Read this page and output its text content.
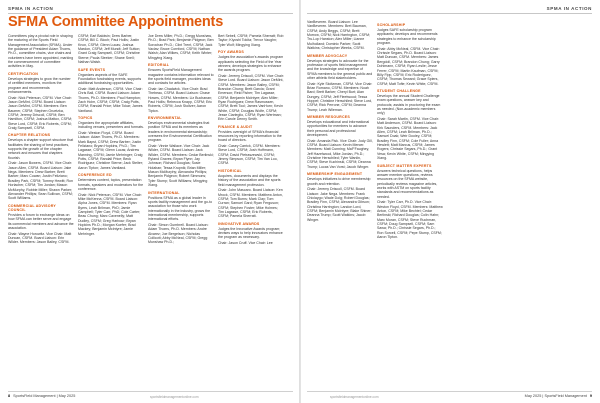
SPMA IN ACTION	SPMA IN ACTION
SFMA Committee Appointments

Committees play a pivotal role in shaping the maturing of the Sports Field Management Association (SFMA). Under the guidance of President Adam Thoms, Ph.D., committee chairs, vice chairs and volunteers have been appointed, marking the commencement of committee activities in May.

CERTIFICATION

Develops strategies to grow the number of certified members, monitors the program and recommends enhancements.

Chair: Nick Peterson, CSFM. Vice Chair: Jason DeMint, CSFM. Board Liaison: Jason DeMint, CSFM. Members: Ben Baumer, CSFM; Stephen Gruetzka, CSFM; Jeremy Driscoll, CSFM; Ben Hamilton, CSFM; Joshua Mattox, CSFM; Steve Lord, CSFM; Eric Roberts, CSFM; Craig Sampsell, CSFM.

CHAPTER RELATIONS

Develops a chapter support structure that facilitates the sharing of best practices, supports the growth of the chapter network and ensures that chapters flourish.

Chair: Jason Bowers, CSFM. Vice Chair: Jason Allen, CSFM. Board Liaison: Jake Nega. Members: Drew Barber; Brett Barker; Marc Cowan; Justin Feliziano; Bradley Park, CSFM; Tommy Hewitt; Ron Horlacher, CSFM; Tim Jordan; Mason McMurphy, Robbie Miller; Shawn Parker; Alexander Phillips; Sean Sullivan, CSFM; Scott Williams.

COMMERCIAL ADVISORY COUNCIL

Provides a forum to exchange ideas on how SFMA can better serve and engage its commercial members and advance the association.

Chair: Wayne Horowitz. Vice Chair: Matt Duncan, CSFM. Board Liaison: Erin Wilder. Members: Jason Bailey, CSFM.

CSFM; Earl Baldwin; Drew Barber, CSFM; Bill C. Bloch; Paul Hollis; Justin Knox, CSFM; Glenn Lucas; Joshua Mardon, CSFM; Jeff Mundt; Jeff Sutton; Grant Craig Sampsell, CSFM; Christine Sterne; Paula Sleeker; Shane Snell; Nathan Walsh.

SAFE EVENTS

Organizes aspects of the SAFE Foundation fundraising events, supports additional fundraising opportunities.

Chair: Matt Anderson, CSFM. Vice Chair: Chris Ball, CSFM. Board Liaison: Adam Thoms, Ph.D. Members: Paul Hampton; Zach Holm, CSFM; CSFM; Craig Potts, CSFM; Randall Price; Mike Tokar; James Vantland.

TOPICS

Organizes the appropriate affiliates, including venues, presenters and formats.

Chair: Weston Floyd, CSFM. Board Liaison: Adam Thoms, Ph.D. Members: Mark Bapst, CSFM; Drew Barber; Justin Feliziano; Bryan Hopkins, Ph.D.; Tim Lagasse, CSFM; Glenn Lucas; Andrew Manning, CSFM; Jamie Mehringer; Craig Potts, CSFM; Randall Price; Beck Rodriguez; Christine Sterne; Jack Stelter; Aaron Tipton; James Vantland.

CONFERENCE ED

Determines content, topics, presentation formats, speakers and moderators for the conference.

Chair: Nick Peterson, CSFM. Vice Chair: Mike McKenna, CSFM. Board Liaison: Alpha Jones, CSFM. Members: Ryan Byers, Leah Brilman, PhD; Jamie Campbell; Tyler Carr, PhD; Cole Carter; Beau Chung; Marc Cavenelly; Matt Dudley, CSFM; Greg Harbour; Bryan Hopkins Ph.D.; Morgan Kuefer; Brad Mackey; Benjamin McIntyre; Jamie Mehringer.

Joe Drew Miller, Ph.D.; Gregg Munshaw, Ph.D.; Brad Park; Benjamin Pidgeon; Ben Sorochan Ph.D.; Clint Trent, CSFM; Jack Vaclav; Bruce Cornford, CSFM; Nathan Walsh; Alan Wilkes, CSFM; Keith Winter; Mingying Xiang.

EDITORIAL

Ensures SportsField Management magazine contains information relevant to the sports field manager, provides ideas and contacts for articles.

Chair: Ian Chadwick. Vice Chair: Brad Thebeau, CSFM. Board Liaison: Chase Howes, CSFM. Members: Liz Buchanan; Paul Hollis; Rebecca Knapp, CSFM; Eric Roberts, CSFM; Josh Stoltzer; Aaron Tipton.

ENVIRONMENTAL

Develops environmental strategies that position SFMA and its members as leaders in environmental stewardship; oversees the Environmental Certification program.

Chair: Vinnie Wallace. Vice Chair: Jack Wilder, CSFM. Board Liaison: Jack Wilder, CSFM. Members: Cedar Berlinski; Ryland Graves; Bryan Flynn; Jay Johnson; Richard Douglas; Susie Holahan; Tessa Krupnik; Brian Miller; Mason McMurphy; Alexandra Phillips; Benjamin Pidgeon; Robert Simmons; Tyler Stump; Scott Williams; Mingying Xiang.

INTERNATIONAL

Positions SFMA as a global leader in sports facility management and the go-to association for those who work internationally in the industry, grows the international membership, supports international efforts.

Chair: Simon Gumbrell. Board Liaison: Adam Thoms, Ph.D. Members: Andre Alvarez; Joe Bergelson; Nicholas Collicott; Abby McNeal, CSFM; Gregg Munshaw Ph.D.;

Bert Sebell, CSFM; Pamela Sherratt; Rob Taylor; Kiyoshi Tokita; Trevor Vaughn; Tyler Wolf; Mingying Xiang.

FOY AWARDS

Judges the association's awards program applicants selecting the Field of the Year winners; develops strategies to enhance the awards program.

Chair: Jeremy Driscoll, CSFM. Vice Chair: Steve Lord. Board Liaison: Jason DeMint, CSFM. Members: Jason Bailey, CSFM; Brandon Chung; Brett Garcia; Grant Emerson; Reid Fisher; Tim Lagasse, CSFM; Benjamin McIntyre; Alex Miller; Ryan Rodriguez; Drew Rasmussen, CSFM; Brett Tool; James VanHorn; Kevin White, CSFM; Douglas Wolfe, CSFM; Jesse Ciarleglio, CSFM; Ryan Wertman; Erin Carole Denny Smith.

FINANCE & AUDIT

Provides oversight of SFMA's financial resources by reporting information to the board of directors.

Chair: Casey Carrick, CSFM. Members: Steve Lord, CSFM; Josh Hoffmann, CSFM; David Pietraszewski, CSFM; Jimmy Simpson, CSFM; Tim Van Loo, CSFM.

HISTORICAL

Acquires, documents and displays the history of the association and the sports field management profession.

Chair: John Mascaro. Board Liaison: Ken Mrock, CSFM. Members: Matthew Anton, CSFM; Tom Burns; Mark Clay; Tom Curran; Samuel Gard; Ryan Ferguson; CSFM; Stephen Foster; Mike Holmes; Tim Lagasse, CSFM; Eric Roberts, CSFM; Pamela Sherratt.

INNOVATIVE AWARDS

Judges the Innovative Awards program; devises ways to help innovators enhance the program as necessary.

Chair: Jason Cruff. Vice Chair: Lee

VanBeveren. Board Liaison: Lee VanBeveren. Members: Bret Bauman, CSFM; Andy Beggs, CSFM; Brett Morrow, CSFM; Nick Harrington, CSFM; Tru-Lop Hanston; Alex Miller; Lianne Mulholland; Dominic Parker; Scott Watkins; Christopher Weeks, CSFM.

MEMBER ADVOCACY

Develops strategies to advocate for the profession of sports field management and the knowledge and expertise of SFMA members to the general public and other athletic field stakeholders.

Chair: Kyle Stoltzman, CSFM. Vice Chair: Brian Romano, CSFM. Members: Noah Bard; Brett Barker; Cheryl Burt; Alan Dungey, CSFM; Jeff Fleetwood; Tessa Hoppel; Christine Herschiled; Steve Lord, CSFM; Rick Perrone, CSFM; Deanna Trump; Leah Wileman.

MEMBER RESOURCES

Develops educational and informational opportunities for members to advance their personal and professional development.

Chair: Amanda Fisk. Vice Chair: Jody Gill, CSFM. Board Liaison: Kevin Mercer. Members: Matt Cunning; Ma'FFaughey, Jeff Hazelwood, Mike Jordan, Ph.D.; Christine Herschiled; Tyler Wanlin, CSFM; Steve Kuchinski, CSFM; Deanna Trump; Lucas Van Vorst; Jacob Winger.

MEMBERSHIP ENGAGEMENT

Develops initiatives to drive membership growth and retention.

Chair: Jeremy Driscoll, CSFM. Board Liaison: Jake Nega. Members: Frank Chiclaygo; Wade Doig; Robert Douglas; Bradley Finn, CSFM; Alexandra Gibson; Christina Harrington; Landon Lord, CSFM; Benjamin McIntyre; Blake Shiner; Deanna Trump; Scott Watkins; Jacob Winger.

SCHOLARSHIP

Judges SAFE scholarship program applicants; develops and recommends strategies to enhance the scholarship program.

Chair: Abby McNeal, CSFM. Vice Chair: Chrissie Segars, Ph.D. Board Liaison: Matt Duncan, CSFM. Members: James Bergdoll, CSFM; Brandon Chung; Garry Dohlmann, CSFM; Ryan Leslie; Jesse Ferrer, CSFM; Martin Kaufman, CSFM; Billy Fipp, CSFM; Eric Roderiguez, CSFM; Thomas Seward; Grace Spiers, CSFM; Matt Tofte; Kevin White, CSFM.

STUDENT CHALLENGE

Develops the annual Student Challenge exam questions, answer key and protocols; assists in proctoring the exam as needed. (Non-academic members only)

Chair: Sarah Martin, CSFM. Vice Chair: Matt Anderson, CSFM. Board Liaison: Kirk Saunders, CSFM. Members: Jack Allen, CSFM; Leah Brilman, Ph.D.; Samuel Doak; Weir Dooley, CSFM; Bradley Finn, CSFM; Cole Fuller; Anna Hewlett; Matt Marcus, CSFM; James Rogers; Chrissie Segars, Ph.D.; Grant Vesa; Kevin White, CSFM; Mingying Xiang.

SUBJECT MATTER EXPERTS

Answers technical questions, helps answer member questions, reviews resources on the SFMA website, periodically reviews magazine articles, works with ASTM on sports facility standards and recommendations as needed.

Chair: Tyler Carr, Ph.D. Vice Chair: Weston Floyd, CSFM. Members: Matthew Anton, CSFM; Mike Bechtel; Cedar Berlinski; Richard Douglas; Colin Hahn; Marc Moran, CSFM; Steve Ruchman, CSFM; Doug Sampsell, CSFM; Sam Sawa; Ph.D.; Chrissie Segars, Ph.D.; Ron Sorcell, CSFM; Pepe Stump, CSFM; Aaron Tipton.

8 SportsField Management | May 2025	sportsfieldmanagementonline.com	sportsfieldmanagementonline.com	May 2025 | SportsField Management 9
